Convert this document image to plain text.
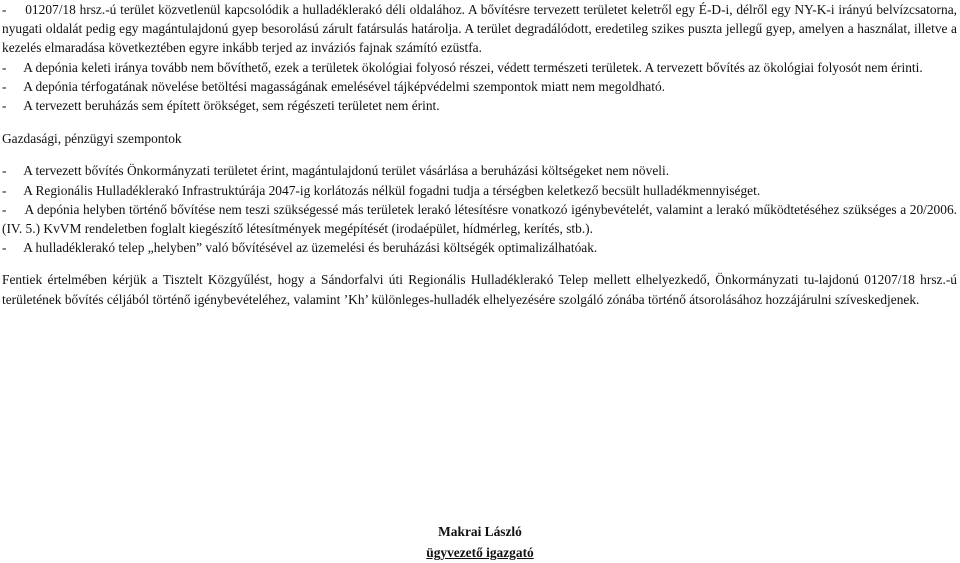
-     01207/18 hrsz.-ú terület közvetlenül kapcsolódik a hulladéklerakó déli oldalához. A bővítésre tervezett területet keletről egy É-D-i, délről egy NY-K-i irányú belvízcsatorna, nyugati oldalát pedig egy magántulajdonú gyep besorolású zárult fatársulás határolja. A terület degradálódott, eredetileg szikes puszta jellegű gyep, amelyen a használat, illetve a kezelés elmaradása következtében egyre inkább terjed az inváziós fajnak számító ezüstfa.

-     A depónia keleti iránya tovább nem bővíthető, ezek a területek ökológiai folyosó részei, védett természeti területek. A tervezett bővítés az ökológiai folyosót nem érinti.

-     A depónia térfogatának növelése betöltési magasságának emelésével tájképvédelmi szempontok miatt nem megoldható.

-     A tervezett beruházás sem épített örökséget, sem régészeti területet nem érint.

Gazdasági, pénzügyi szempontok

-     A tervezett bővítés Önkormányzati területet érint, magántulajdonú terület vásárlása a beruházási költségeket nem növeli.

-     A Regionális Hulladéklerakó Infrastruktúrája 2047-ig korlátozás nélkül fogadni tudja a térségben keletkező becsült hulladékmennyiséget.

-     A depónia helyben történő bővítése nem teszi szükségessé más területek lerakó létesítésre vonatkozó igénybevételét, valamint a lerakó működtetéséhez szükséges a 20/2006. (IV. 5.) KvVM rendeletben foglalt kiegészítő létesítmények megépítését (irodaépület, hídmérleg, kerítés, stb.).

-     A hulladéklerakó telep „helyben” való bővítésével az üzemelési és beruházási költségék optimalizálhatóak.

Fentiek értelmében kérjük a Tisztelt Közgyűlést, hogy a Sándorfalvi úti Regionális Hulladéklerakó Telep mellett elhelyezkedő, Önkormányzati tu-lajdonú 01207/18 hrsz.-ú területének bővítés céljából történő igénybevételéhez, valamint ’Kh’ különleges-hulladék elhelyezésére szolgáló zónába történő átsorolásához hozzájárulni szíveskedjenek.

Makrai László
ügyvezető igazgató
